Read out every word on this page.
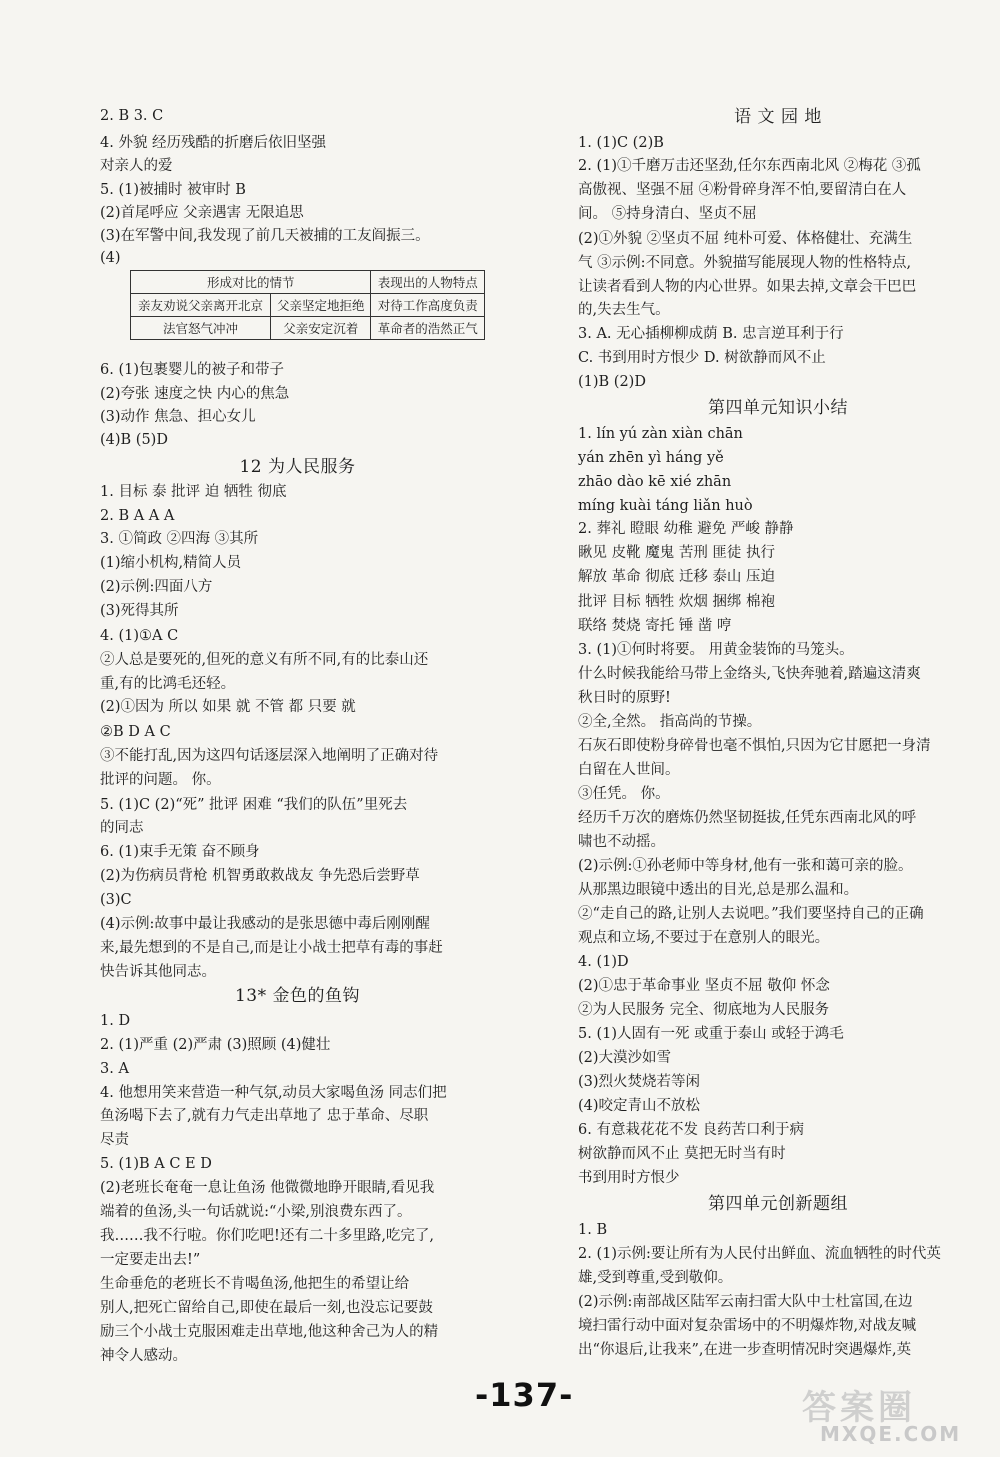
2. B 3. C
4. 外貌 经历残酷的折磨后依旧坚强
对亲人的爱
5. (1)被捕时 被审时 B
(2)首尾呼应 父亲遇害 无限追思
(3)在军警中间,我发现了前几天被捕的工友阎振三。
(4)
形成对比的情节		表现出的人物特点
亲友劝说父亲离开北京	父亲坚定地拒绝	对待工作高度负责
法官怒气冲冲	父亲安定沉着	革命者的浩然正气
6. (1)包裹婴儿的被子和带子
(2)夸张 速度之快 内心的焦急
(3)动作 焦急、担心女儿
(4)B (5)D
12 为人民服务
1. 目标 泰 批评 迫 牺牲 彻底
2. B A A A
3. ①简政 ②四海 ③其所
(1)缩小机构,精简人员
(2)示例:四面八方
(3)死得其所
4. (1)①A C
②人总是要死的,但死的意义有所不同,有的比泰山还
重,有的比鸿毛还轻。
(2)①因为 所以 如果 就 不管 都 只要 就
②B D A C
③不能打乱,因为这四句话逐层深入地阐明了正确对待
批评的问题。 你。
5. (1)C (2)“死” 批评 困难 “我们的队伍”里死去
的同志
6. (1)束手无策 奋不顾身
(2)为伤病员背枪 机智勇敢救战友 争先恐后尝野草
(3)C
(4)示例:故事中最让我感动的是张思德中毒后刚刚醒
来,最先想到的不是自己,而是让小战士把草有毒的事赶
快告诉其他同志。
13* 金色的鱼钩
1. D
2. (1)严重 (2)严肃 (3)照顾 (4)健壮
3. A
4. 他想用笑来营造一种气氛,动员大家喝鱼汤 同志们把
鱼汤喝下去了,就有力气走出草地了 忠于革命、尽职
尽责
5. (1)B A C E D
(2)老班长奄奄一息让鱼汤 他微微地睁开眼睛,看见我
端着的鱼汤,头一句话就说:“小梁,别浪费东西了。
我……我不行啦。你们吃吧!还有二十多里路,吃完了,
一定要走出去!”
生命垂危的老班长不肯喝鱼汤,他把生的希望让给
别人,把死亡留给自己,即使在最后一刻,也没忘记要鼓
励三个小战士克服困难走出草地,他这种舍己为人的精
神令人感动。
语 文 园 地
1. (1)C (2)B
2. (1)①千磨万击还坚劲,任尔东西南北风 ②梅花 ③孤
高傲视、坚强不屈 ④粉骨碎身浑不怕,要留清白在人
间。 ⑤持身清白、坚贞不屈
(2)①外貌 ②坚贞不屈 纯朴可爱、体格健壮、充满生
气 ③示例:不同意。外貌描写能展现人物的性格特点,
让读者看到人物的内心世界。如果去掉,文章会干巴巴
的,失去生气。
3. A. 无心插柳柳成荫 B. 忠言逆耳利于行
C. 书到用时方恨少 D. 树欲静而风不止
(1)B (2)D
第四单元知识小结
1. lín yú zàn xiàn chān
yán zhēn yì háng yě
zhāo dào kē xié zhān
míng kuài táng liǎn huò
2. 葬礼 瞪眼 幼稚 避免 严峻 静静
瞅见 皮靴 魔鬼 苦刑 匪徒 执行
解放 革命 彻底 迁移 泰山 压迫
批评 目标 牺牲 炊烟 捆绑 棉袍
联络 焚烧 寄托 锤 凿 哼
3. (1)①何时将要。 用黄金装饰的马笼头。
什么时候我能给马带上金络头,飞快奔驰着,踏遍这清爽
秋日时的原野!
②全,全然。 指高尚的节操。
石灰石即使粉身碎骨也毫不惧怕,只因为它甘愿把一身清
白留在人世间。
③任凭。 你。
经历千万次的磨炼仍然坚韧挺拔,任凭东西南北风的呼
啸也不动摇。
(2)示例:①孙老师中等身材,他有一张和蔼可亲的脸。
从那黑边眼镜中透出的目光,总是那么温和。
②“走自己的路,让别人去说吧。”我们要坚持自己的正确
观点和立场,不要过于在意别人的眼光。
4. (1)D
(2)①忠于革命事业 坚贞不屈 敬仰 怀念
②为人民服务 完全、彻底地为人民服务
5. (1)人固有一死 或重于泰山 或轻于鸿毛
(2)大漠沙如雪
(3)烈火焚烧若等闲
(4)咬定青山不放松
6. 有意栽花花不发 良药苦口利于病
树欲静而风不止 莫把无时当有时
书到用时方恨少
第四单元创新题组
1. B
2. (1)示例:要让所有为人民付出鲜血、流血牺牲的时代英
雄,受到尊重,受到敬仰。
(2)示例:南部战区陆军云南扫雷大队中士杜富国,在边
境扫雷行动中面对复杂雷场中的不明爆炸物,对战友喊
出“你退后,让我来”,在进一步查明情况时突遇爆炸,英
-137-	答案圈
MXQE.COM
